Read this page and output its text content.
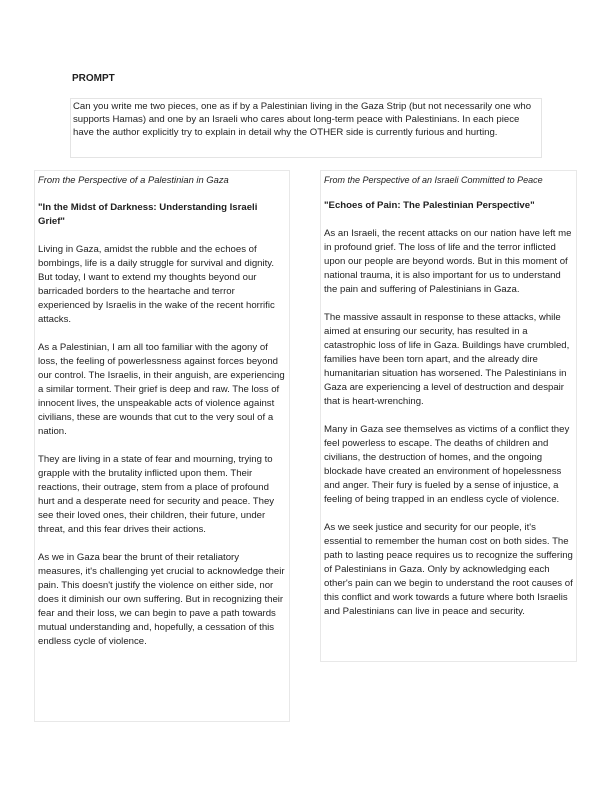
PROMPT

Can you write me two pieces, one as if by a Palestinian living in the Gaza Strip (but not necessarily one who supports Hamas) and one by an Israeli who cares about long-term peace with Palestinians. In each piece have the author explicitly try to explain in detail why the OTHER side is currently furious and hurting.

From the Perspective of a Palestinian in Gaza

"In the Midst of Darkness: Understanding Israeli Grief"

Living in Gaza, amidst the rubble and the echoes of bombings, life is a daily struggle for survival and dignity. But today, I want to extend my thoughts beyond our barricaded borders to the heartache and terror experienced by Israelis in the wake of the recent horrific attacks.

As a Palestinian, I am all too familiar with the agony of loss, the feeling of powerlessness against forces beyond our control. The Israelis, in their anguish, are experiencing a similar torment. Their grief is deep and raw. The loss of innocent lives, the unspeakable acts of violence against civilians, these are wounds that cut to the very soul of a nation.

They are living in a state of fear and mourning, trying to grapple with the brutality inflicted upon them. Their reactions, their outrage, stem from a place of profound hurt and a desperate need for security and peace. They see their loved ones, their children, their future, under threat, and this fear drives their actions.

As we in Gaza bear the brunt of their retaliatory measures, it's challenging yet crucial to acknowledge their pain. This doesn't justify the violence on either side, nor does it diminish our own suffering. But in recognizing their fear and their loss, we can begin to pave a path towards mutual understanding and, hopefully, a cessation of this endless cycle of violence.

From the Perspective of an Israeli Committed to Peace

"Echoes of Pain: The Palestinian Perspective"

As an Israeli, the recent attacks on our nation have left me in profound grief. The loss of life and the terror inflicted upon our people are beyond words. But in this moment of national trauma, it is also important for us to understand the pain and suffering of Palestinians in Gaza.

The massive assault in response to these attacks, while aimed at ensuring our security, has resulted in a catastrophic loss of life in Gaza. Buildings have crumbled, families have been torn apart, and the already dire humanitarian situation has worsened. The Palestinians in Gaza are experiencing a level of destruction and despair that is heart-wrenching.

Many in Gaza see themselves as victims of a conflict they feel powerless to escape. The deaths of children and civilians, the destruction of homes, and the ongoing blockade have created an environment of hopelessness and anger. Their fury is fueled by a sense of injustice, a feeling of being trapped in an endless cycle of violence.

As we seek justice and security for our people, it's essential to remember the human cost on both sides. The path to lasting peace requires us to recognize the suffering of Palestinians in Gaza. Only by acknowledging each other's pain can we begin to understand the root causes of this conflict and work towards a future where both Israelis and Palestinians can live in peace and security.
